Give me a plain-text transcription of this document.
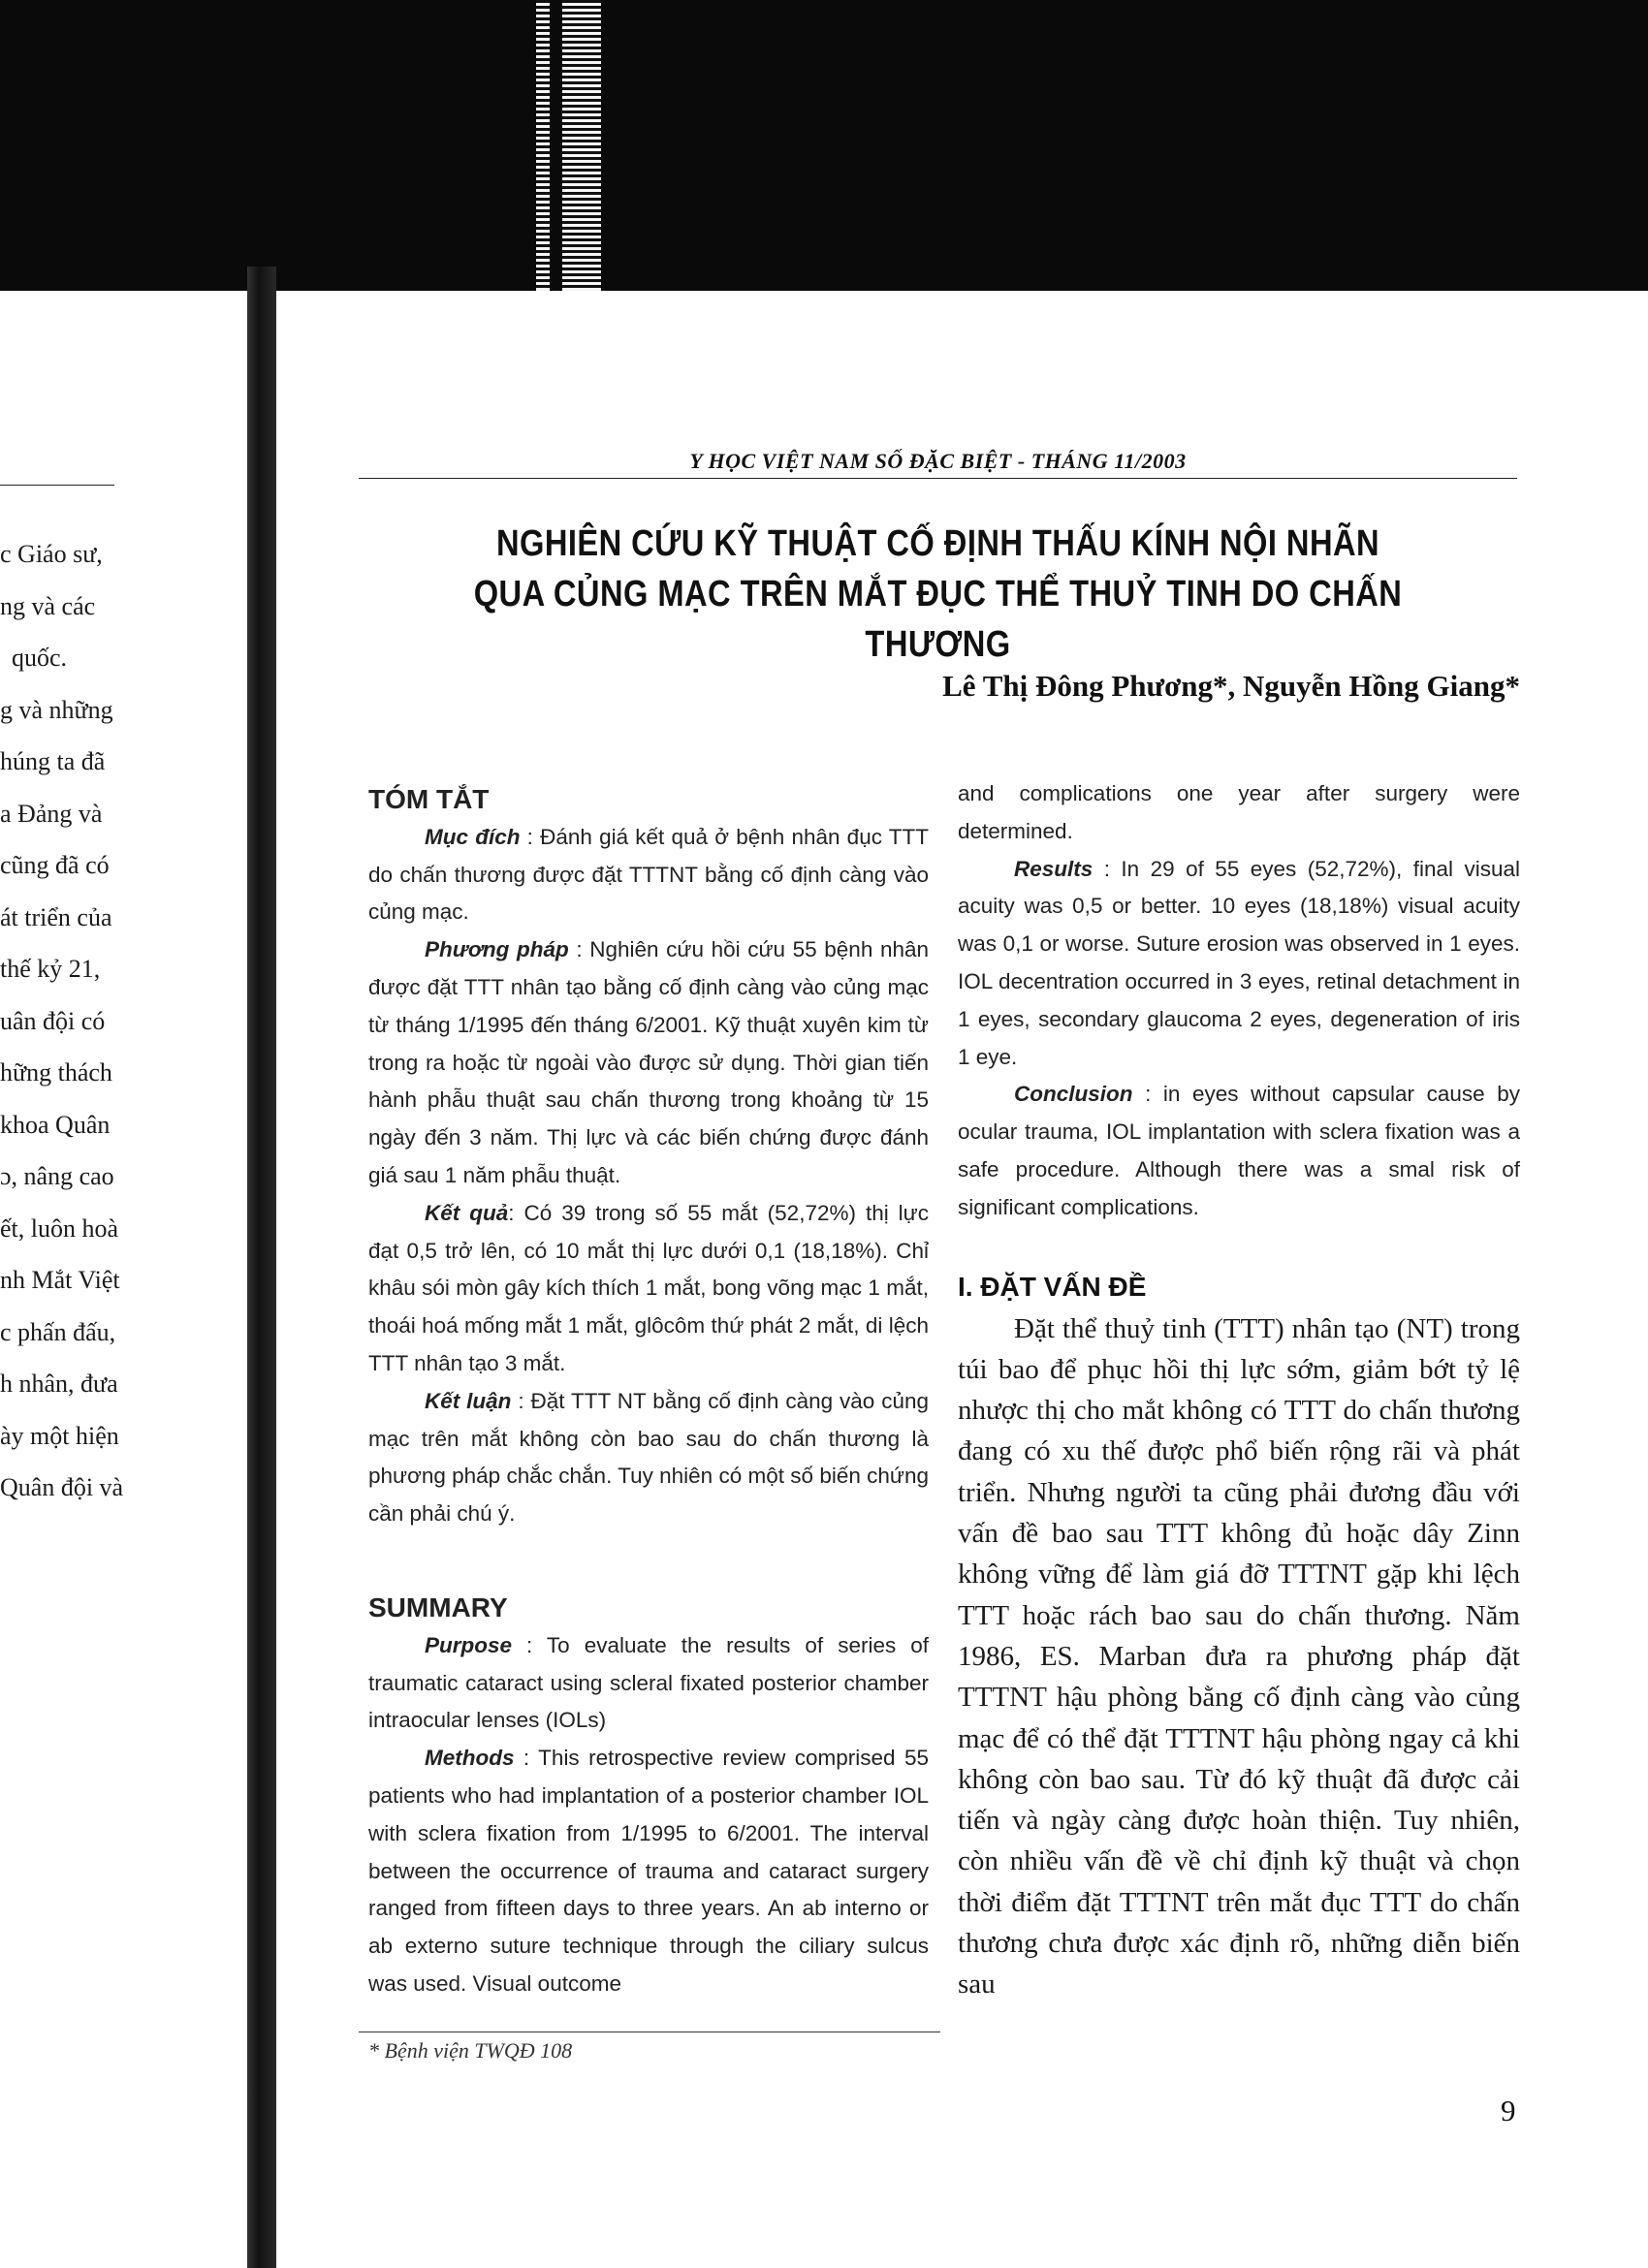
c Giáo sư,
ng và các
quốc.
g và những
húng ta đã
a Đảng và
cũng đã có
át triển của
thế kỷ 21,
uân đội có
hững thách
khoa Quân
ɔ, nâng cao
ết, luôn hoà
nh Mắt Việt
c phấn đấu,
h nhân, đưa
ày một hiện
Quân đội và
Y HỌC VIỆT NAM SỐ ĐẶC BIỆT - THÁNG 11/2003
NGHIÊN CỨU KỸ THUẬT CỐ ĐỊNH THẤU KÍNH NỘI NHÃN
QUA CỦNG MẠC TRÊN MẮT ĐỤC THỂ THUỶ TINH DO CHẤN THƯƠNG
Lê Thị Đông Phương*, Nguyễn Hồng Giang*
TÓM TẮT

Mục đích : Đánh giá kết quả ở bệnh nhân đục TTT do chấn thương được đặt TTTNT bằng cố định càng vào củng mạc.

Phương pháp : Nghiên cứu hồi cứu 55 bệnh nhân được đặt TTT nhân tạo bằng cố định càng vào củng mạc từ tháng 1/1995 đến tháng 6/2001. Kỹ thuật xuyên kim từ trong ra hoặc từ ngoài vào được sử dụng. Thời gian tiến hành phẫu thuật sau chấn thương trong khoảng từ 15 ngày đến 3 năm. Thị lực và các biến chứng được đánh giá sau 1 năm phẫu thuật.

Kết quả: Có 39 trong số 55 mắt (52,72%) thị lực đạt 0,5 trở lên, có 10 mắt thị lực dưới 0,1 (18,18%). Chỉ khâu sói mòn gây kích thích 1 mắt, bong võng mạc 1 mắt, thoái hoá mống mắt 1 mắt, glôcôm thứ phát 2 mắt, di lệch TTT nhân tạo 3 mắt.

Kết luận : Đặt TTT NT bằng cố định càng vào củng mạc trên mắt không còn bao sau do chấn thương là phương pháp chắc chắn. Tuy nhiên có một số biến chứng cần phải chú ý.

SUMMARY

Purpose : To evaluate the results of series of traumatic cataract using scleral fixated posterior chamber intraocular lenses (IOLs)

Methods : This retrospective review comprised 55 patients who had implantation of a posterior chamber IOL with sclera fixation from 1/1995 to 6/2001. The interval between the occurrence of trauma and cataract surgery ranged from fifteen days to three years. An ab interno or ab externo suture technique through the ciliary sulcus was used. Visual outcome

and complications one year after surgery were determined.

Results : In 29 of 55 eyes (52,72%), final visual acuity was 0,5 or better. 10 eyes (18,18%) visual acuity was 0,1 or worse. Suture erosion was observed in 1 eyes. IOL decentration occurred in 3 eyes, retinal detachment in 1 eyes, secondary glaucoma 2 eyes, degeneration of iris 1 eye.

Conclusion : in eyes without capsular cause by ocular trauma, IOL implantation with sclera fixation was a safe procedure. Although there was a smal risk of significant complications.

I. ĐẶT VẤN ĐỀ

Đặt thể thuỷ tinh (TTT) nhân tạo (NT) trong túi bao để phục hồi thị lực sớm, giảm bớt tỷ lệ nhược thị cho mắt không có TTT do chấn thương đang có xu thế được phổ biến rộng rãi và phát triển. Nhưng người ta cũng phải đương đầu với vấn đề bao sau TTT không đủ hoặc dây Zinn không vững để làm giá đỡ TTTNT gặp khi lệch TTT hoặc rách bao sau do chấn thương. Năm 1986, ES. Marban đưa ra phương pháp đặt TTTNT hậu phòng bằng cố định càng vào củng mạc để có thể đặt TTTNT hậu phòng ngay cả khi không còn bao sau. Từ đó kỹ thuật đã được cải tiến và ngày càng được hoàn thiện. Tuy nhiên, còn nhiều vấn đề về chỉ định kỹ thuật và chọn thời điểm đặt TTTNT trên mắt đục TTT do chấn thương chưa được xác định rõ, những diễn biến sau

* Bệnh viện TWQĐ 108
9
